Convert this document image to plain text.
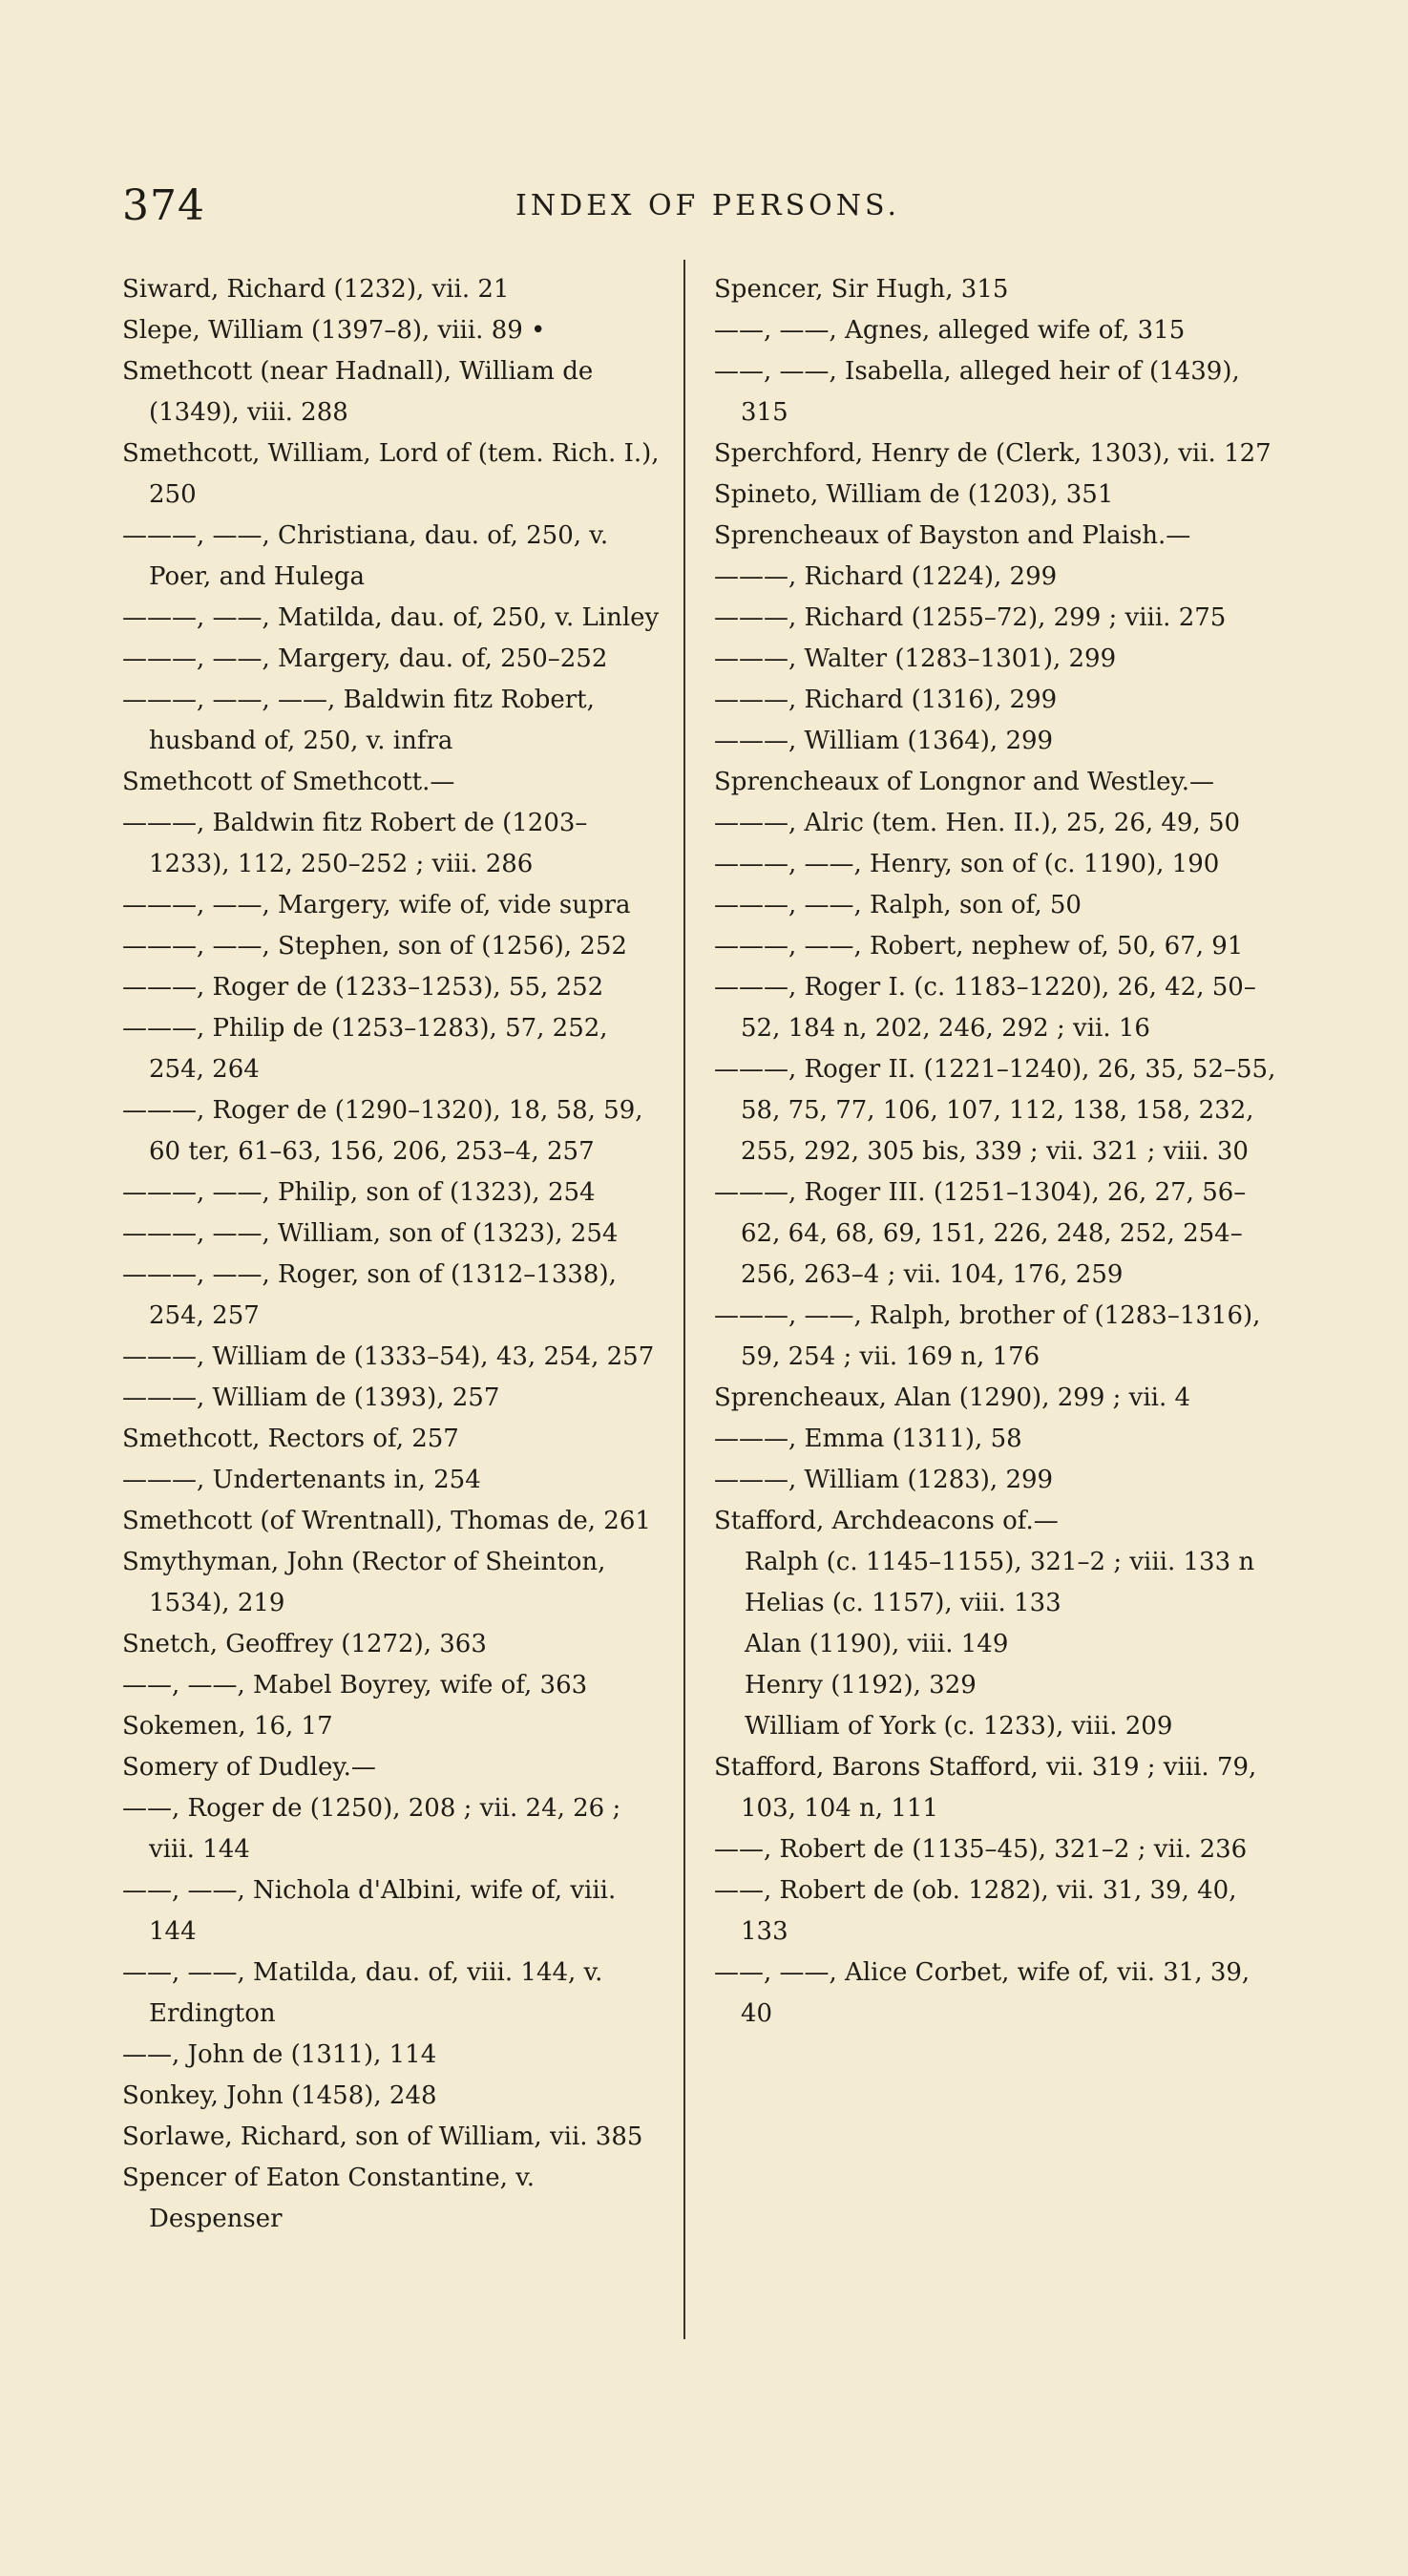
374	INDEX OF PERSONS.
Siward, Richard (1232), vii. 21
Slepe, William (1397–8), viii. 89 •
Smethcott (near Hadnall), William de (1349), viii. 288
Smethcott, William, Lord of (tem. Rich. I.), 250
———, ——, Christiana, dau. of, 250, v. Poer, and Hulega
———, ——, Matilda, dau. of, 250, v. Linley
———, ——, Margery, dau. of, 250–252
———, ——, ——, Baldwin fitz Robert, husband of, 250, v. infra
Smethcott of Smethcott.—
———, Baldwin fitz Robert de (1203–1233), 112, 250–252 ; viii. 286
———, ——, Margery, wife of, vide supra
———, ——, Stephen, son of (1256), 252
———, Roger de (1233–1253), 55, 252
———, Philip de (1253–1283), 57, 252, 254, 264
———, Roger de (1290–1320), 18, 58, 59, 60 ter, 61–63, 156, 206, 253–4, 257
———, ——, Philip, son of (1323), 254
———, ——, William, son of (1323), 254
———, ——, Roger, son of (1312–1338), 254, 257
———, William de (1333–54), 43, 254, 257
———, William de (1393), 257
Smethcott, Rectors of, 257
———, Undertenants in, 254
Smethcott (of Wrentnall), Thomas de, 261
Smythyman, John (Rector of Sheinton, 1534), 219
Snetch, Geoffrey (1272), 363
——, ——, Mabel Boyrey, wife of, 363
Sokemen, 16, 17
Somery of Dudley.—
——, Roger de (1250), 208 ; vii. 24, 26 ; viii. 144
——, ——, Nichola d'Albini, wife of, viii. 144
——, ——, Matilda, dau. of, viii. 144, v. Erdington
——, John de (1311), 114
Sonkey, John (1458), 248
Sorlawe, Richard, son of William, vii. 385
Spencer of Eaton Constantine, v. Despenser
Spencer, Sir Hugh, 315
——, ——, Agnes, alleged wife of, 315
——, ——, Isabella, alleged heir of (1439), 315
Sperchford, Henry de (Clerk, 1303), vii. 127
Spineto, William de (1203), 351
Sprencheaux of Bayston and Plaish.—
———, Richard (1224), 299
———, Richard (1255–72), 299 ; viii. 275
———, Walter (1283–1301), 299
———, Richard (1316), 299
———, William (1364), 299
Sprencheaux of Longnor and Westley.—
———, Alric (tem. Hen. II.), 25, 26, 49, 50
———, ——, Henry, son of (c. 1190), 190
———, ——, Ralph, son of, 50
———, ——, Robert, nephew of, 50, 67, 91
———, Roger I. (c. 1183–1220), 26, 42, 50–52, 184 n, 202, 246, 292 ; vii. 16
———, Roger II. (1221–1240), 26, 35, 52–55, 58, 75, 77, 106, 107, 112, 138, 158, 232, 255, 292, 305 bis, 339 ; vii. 321 ; viii. 30
———, Roger III. (1251–1304), 26, 27, 56–62, 64, 68, 69, 151, 226, 248, 252, 254–256, 263–4 ; vii. 104, 176, 259
———, ——, Ralph, brother of (1283–1316), 59, 254 ; vii. 169 n, 176
Sprencheaux, Alan (1290), 299 ; vii. 4
———, Emma (1311), 58
———, William (1283), 299
Stafford, Archdeacons of.—
Ralph (c. 1145–1155), 321–2 ; viii. 133 n
Helias (c. 1157), viii. 133
Alan (1190), viii. 149
Henry (1192), 329
William of York (c. 1233), viii. 209
Stafford, Barons Stafford, vii. 319 ; viii. 79, 103, 104 n, 111
——, Robert de (1135–45), 321–2 ; vii. 236
——, Robert de (ob. 1282), vii. 31, 39, 40, 133
——, ——, Alice Corbet, wife of, vii. 31, 39, 40
